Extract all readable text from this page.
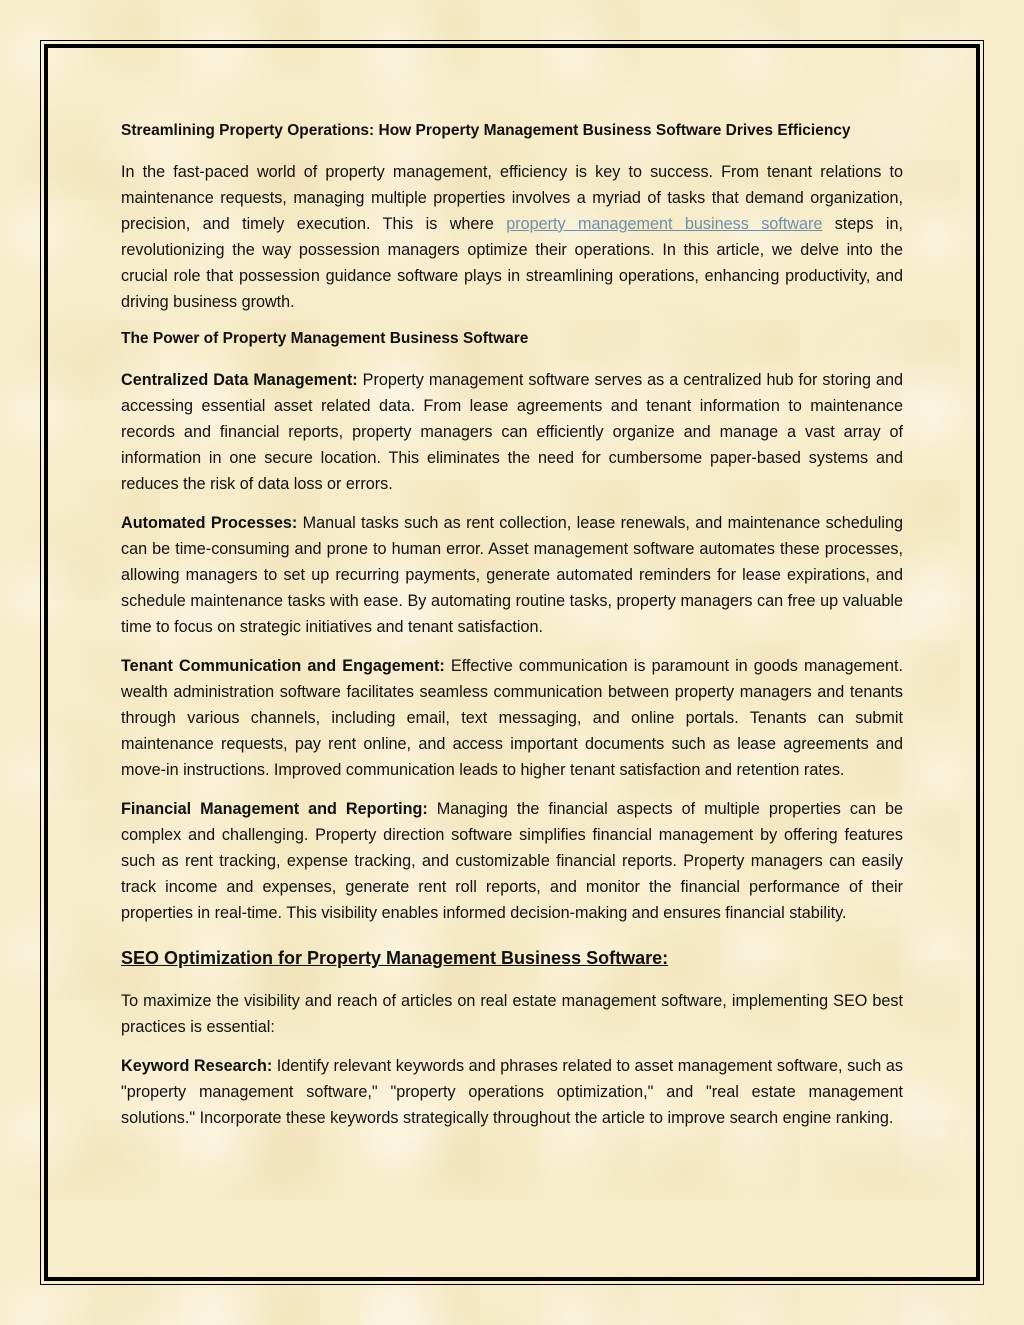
Streamlining Property Operations: How Property Management Business Software Drives Efficiency

In the fast-paced world of property management, efficiency is key to success. From tenant relations to maintenance requests, managing multiple properties involves a myriad of tasks that demand organization, precision, and timely execution. This is where property management business software steps in, revolutionizing the way possession managers optimize their operations. In this article, we delve into the crucial role that possession guidance software plays in streamlining operations, enhancing productivity, and driving business growth.

The Power of Property Management Business Software

Centralized Data Management: Property management software serves as a centralized hub for storing and accessing essential asset related data. From lease agreements and tenant information to maintenance records and financial reports, property managers can efficiently organize and manage a vast array of information in one secure location. This eliminates the need for cumbersome paper-based systems and reduces the risk of data loss or errors.

Automated Processes: Manual tasks such as rent collection, lease renewals, and maintenance scheduling can be time-consuming and prone to human error. Asset management software automates these processes, allowing managers to set up recurring payments, generate automated reminders for lease expirations, and schedule maintenance tasks with ease. By automating routine tasks, property managers can free up valuable time to focus on strategic initiatives and tenant satisfaction.

Tenant Communication and Engagement: Effective communication is paramount in goods management. wealth administration software facilitates seamless communication between property managers and tenants through various channels, including email, text messaging, and online portals. Tenants can submit maintenance requests, pay rent online, and access important documents such as lease agreements and move-in instructions. Improved communication leads to higher tenant satisfaction and retention rates.

Financial Management and Reporting: Managing the financial aspects of multiple properties can be complex and challenging. Property direction software simplifies financial management by offering features such as rent tracking, expense tracking, and customizable financial reports. Property managers can easily track income and expenses, generate rent roll reports, and monitor the financial performance of their properties in real-time. This visibility enables informed decision-making and ensures financial stability.

SEO Optimization for Property Management Business Software:

To maximize the visibility and reach of articles on real estate management software, implementing SEO best practices is essential:

Keyword Research: Identify relevant keywords and phrases related to asset management software, such as "property management software," "property operations optimization," and "real estate management solutions." Incorporate these keywords strategically throughout the article to improve search engine ranking.
